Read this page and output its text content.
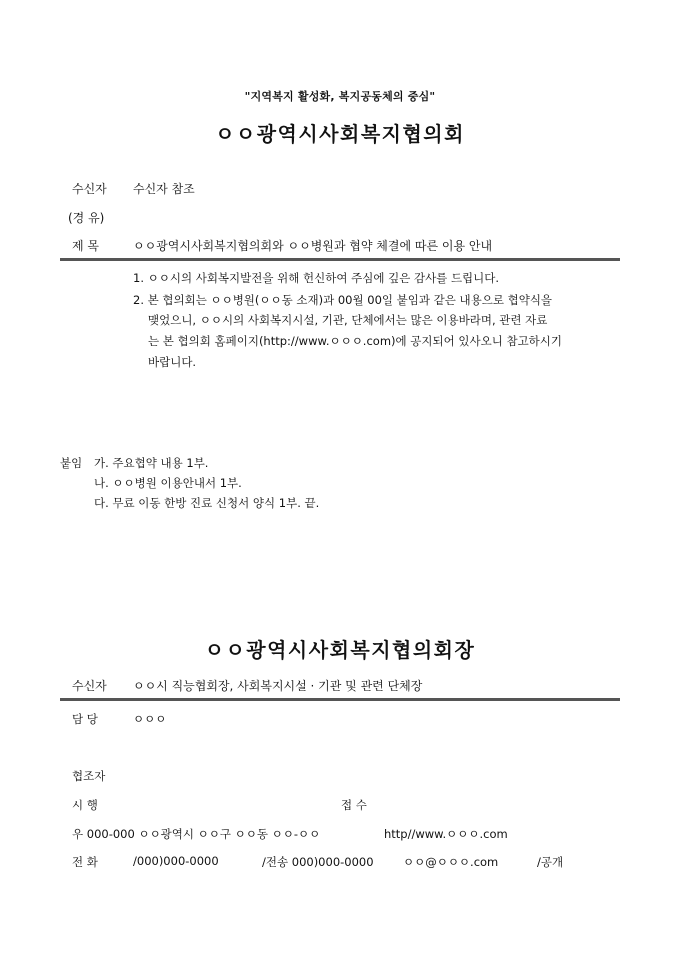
"지역복지 활성화, 복지공동체의 중심"
ㅇㅇ광역시사회복지협의회
수신자 수신자 참조
(경 유)
제 목	ㅇㅇ광역시사회복지협의회와 ㅇㅇ병원과 협약 체결에 따른 이용 안내
1. ㅇㅇ시의 사회복지발전을 위해 헌신하여 주심에 깊은 감사를 드립니다.
2. 본 협의회는 ㅇㅇ병원(ㅇㅇ동 소재)과 00월 00일 붙임과 같은 내용으로 협약식을
맺었으니, ㅇㅇ시의 사회복지시설, 기관, 단체에서는 많은 이용바라며, 관련 자료
는 본 협의회 홈페이지(http://www.ㅇㅇㅇ.com)에 공지되어 있사오니 참고하시기
바랍니다.
붙임 가. 주요협약 내용 1부.
나. ㅇㅇ병원 이용안내서 1부.
다. 무료 이동 한방 진료 신청서 양식 1부. 끝.
ㅇㅇ광역시사회복지협의회장
수신자 ㅇㅇ시 직능협회장, 사회복지시설 · 기관 및 관련 단체장
담 당	ㅇㅇㅇ
협조자
시 행	접 수
우 000-000 ㅇㅇ광역시 ㅇㅇ구 ㅇㅇ동 ㅇㅇ-ㅇㅇ	http//www.ㅇㅇㅇ.com
전 화	/000)000-0000	/전송 000)000-0000	ㅇㅇ@ㅇㅇㅇ.com	/공개
